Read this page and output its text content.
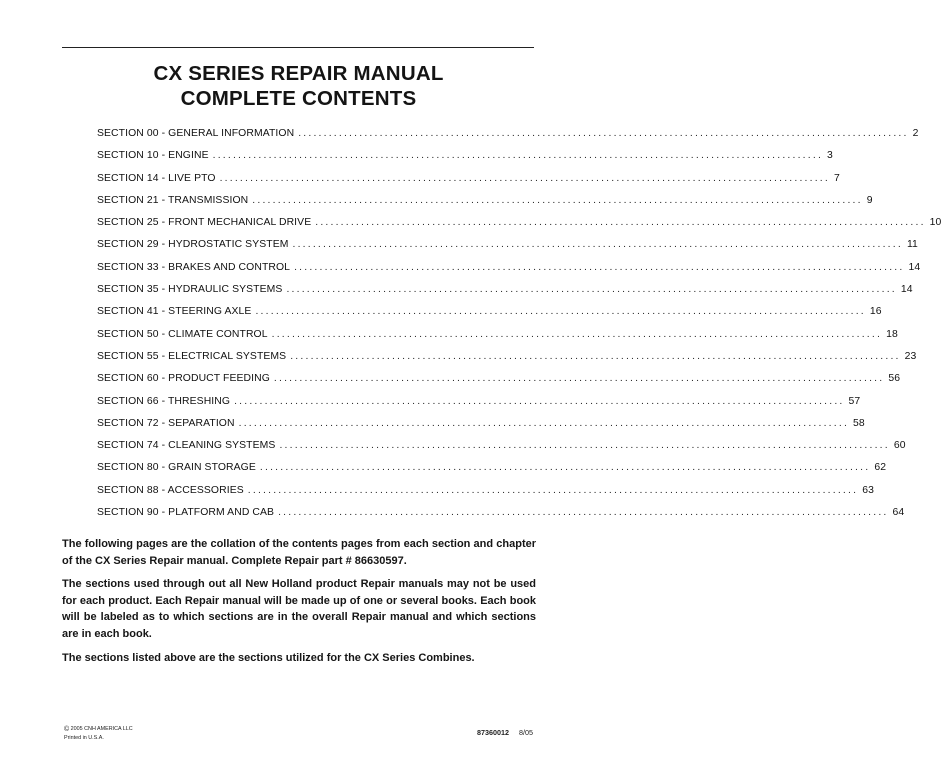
CX SERIES REPAIR MANUAL
COMPLETE CONTENTS
SECTION 00 - GENERAL INFORMATION ........................................................................................................................ 2
SECTION 10 - ENGINE ........................................................................................................................ 3
SECTION 14 - LIVE PTO ........................................................................................................................ 7
SECTION 21 - TRANSMISSION ........................................................................................................................ 9
SECTION 25 - FRONT MECHANICAL DRIVE ........................................................................................................................ 10
SECTION 29 - HYDROSTATIC SYSTEM ........................................................................................................................ 11
SECTION 33 - BRAKES AND CONTROL ........................................................................................................................ 14
SECTION 35 - HYDRAULIC SYSTEMS ........................................................................................................................ 14
SECTION 41 - STEERING AXLE ........................................................................................................................ 16
SECTION 50 - CLIMATE CONTROL ........................................................................................................................ 18
SECTION 55 - ELECTRICAL SYSTEMS ........................................................................................................................ 23
SECTION 60 - PRODUCT FEEDING ........................................................................................................................ 56
SECTION 66 - THRESHING ........................................................................................................................ 57
SECTION 72 - SEPARATION ........................................................................................................................ 58
SECTION 74 - CLEANING SYSTEMS ........................................................................................................................ 60
SECTION 80 - GRAIN STORAGE ........................................................................................................................ 62
SECTION 88 - ACCESSORIES ........................................................................................................................ 63
SECTION 90 - PLATFORM AND CAB ........................................................................................................................ 64

The following pages are the collation of the contents pages from each section and chapter of the CX Series Repair manual. Complete Repair part # 86630597.

The sections used through out all New Holland product Repair manuals may not be used for each product. Each Repair manual will be made up of one or several books. Each book will be labeled as to which sections are in the overall Repair manual and which sections are in each book.

The sections listed above are the sections utilized for the CX Series Combines.

© 2005 CNH AMERICA LLC
Printed in U.S.A.
87360012 8/05
